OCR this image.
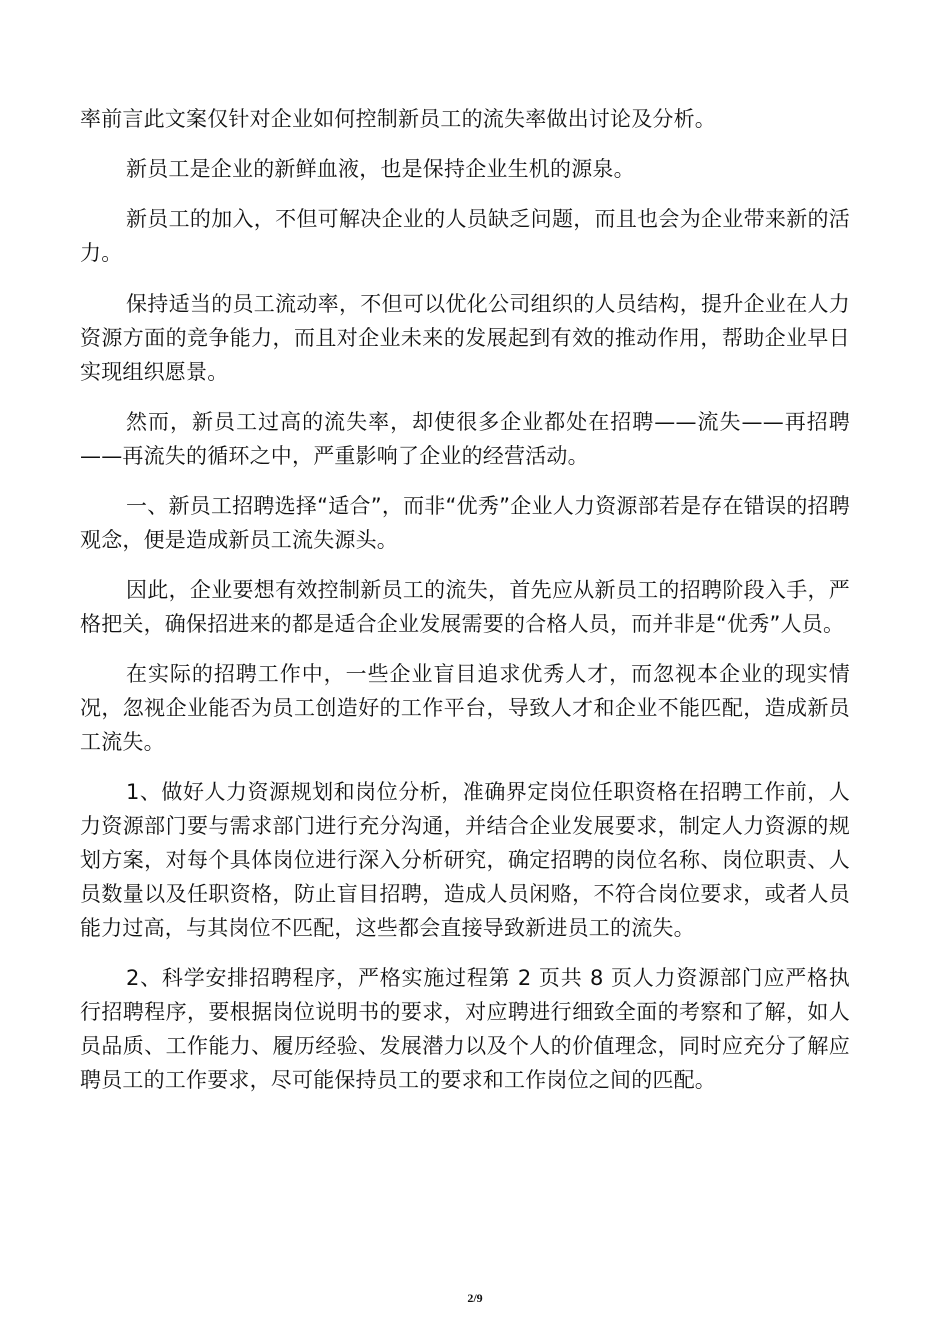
率前言此文案仅针对企业如何控制新员工的流失率做出讨论及分析。

新员工是企业的新鲜血液，也是保持企业生机的源泉。

新员工的加入，不但可解决企业的人员缺乏问题，而且也会为企业带来新的活力。

保持适当的员工流动率，不但可以优化公司组织的人员结构，提升企业在人力资源方面的竞争能力，而且对企业未来的发展起到有效的推动作用，帮助企业早日实现组织愿景。

然而，新员工过高的流失率，却使很多企业都处在招聘——流失——再招聘——再流失的循环之中，严重影响了企业的经营活动。

一、新员工招聘选择“适合”，而非“优秀”企业人力资源部若是存在错误的招聘观念，便是造成新员工流失源头。

因此，企业要想有效控制新员工的流失，首先应从新员工的招聘阶段入手，严格把关，确保招进来的都是适合企业发展需要的合格人员，而并非是“优秀”人员。

在实际的招聘工作中，一些企业盲目追求优秀人才，而忽视本企业的现实情况，忽视企业能否为员工创造好的工作平台，导致人才和企业不能匹配，造成新员工流失。

1、做好人力资源规划和岗位分析，准确界定岗位任职资格在招聘工作前，人力资源部门要与需求部门进行充分沟通，并结合企业发展要求，制定人力资源的规划方案，对每个具体岗位进行深入分析研究，确定招聘的岗位名称、岗位职责、人员数量以及任职资格，防止盲目招聘，造成人员闲赂，不符合岗位要求，或者人员能力过高，与其岗位不匹配，这些都会直接导致新进员工的流失。

2、科学安排招聘程序，严格实施过程第 2 页共 8 页人力资源部门应严格执行招聘程序，要根据岗位说明书的要求，对应聘进行细致全面的考察和了解，如人员品质、工作能力、履历经验、发展潜力以及个人的价值理念，同时应充分了解应聘员工的工作要求，尽可能保持员工的要求和工作岗位之间的匹配。

2/9
